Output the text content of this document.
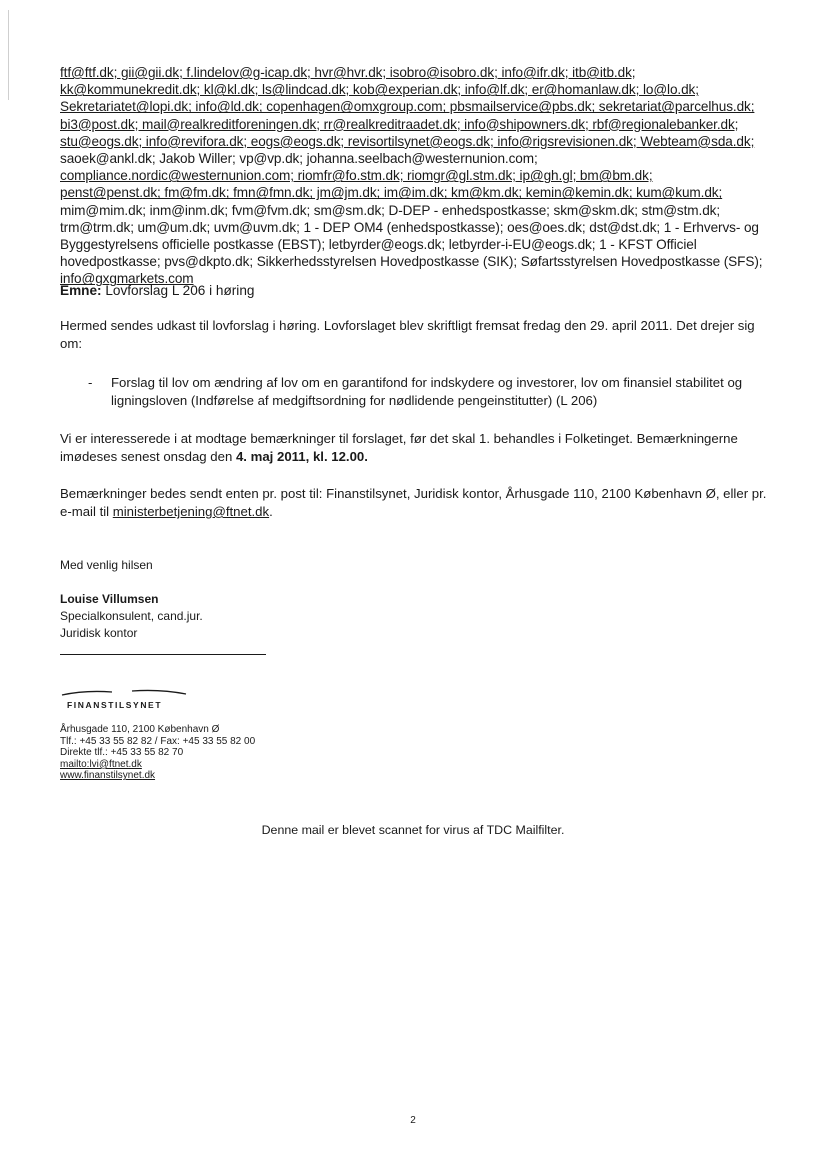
ftf@ftf.dk; gii@gii.dk; f.lindelov@g-icap.dk; hvr@hvr.dk; isobro@isobro.dk; info@ifr.dk; itb@itb.dk;
kk@kommunekredit.dk; kl@kl.dk; ls@lindcad.dk; kob@experian.dk; info@lf.dk; er@homanlaw.dk; lo@lo.dk;
Sekretariatet@lopi.dk; info@ld.dk; copenhagen@omxgroup.com; pbsmailservice@pbs.dk; sekretariat@parcelhus.dk;
bi3@post.dk; mail@realkreditforeningen.dk; rr@realkreditraadet.dk; info@shipowners.dk; rbf@regionalebanker.dk;
stu@eogs.dk; info@revifora.dk; eogs@eogs.dk; revisortilsynet@eogs.dk; info@rigsrevisionen.dk; Webteam@sda.dk;
saoek@ankl.dk; Jakob Willer; vp@vp.dk; johanna.seelbach@westernunion.com;
compliance.nordic@westernunion.com; riomfr@fo.stm.dk; riomgr@gl.stm.dk; ip@gh.gl; bm@bm.dk;
penst@penst.dk; fm@fm.dk; fmn@fmn.dk; jm@jm.dk; im@im.dk; km@km.dk; kemin@kemin.dk; kum@kum.dk;
mim@mim.dk; inm@inm.dk; fvm@fvm.dk; sm@sm.dk; D-DEP - enhedspostkasse; skm@skm.dk; stm@stm.dk;
trm@trm.dk; um@um.dk; uvm@uvm.dk; 1 - DEP OM4 (enhedspostkasse); oes@oes.dk; dst@dst.dk; 1 - Erhvervs- og
Byggestyrelsens officielle postkasse (EBST); letbyrder@eogs.dk; letbyrder-i-EU@eogs.dk; 1 - KFST Officiel
hovedpostkasse; pvs@dkpto.dk; Sikkerhedsstyrelsen Hovedpostkasse (SIK); Søfartsstyrelsen Hovedpostkasse (SFS);
info@gxgmarkets.com
Emne: Lovforslag L 206 i høring
Hermed sendes udkast til lovforslag i høring. Lovforslaget blev skriftligt fremsat fredag den 29. april 2011. Det drejer sig om:
- Forslag til lov om ændring af lov om en garantifond for indskydere og investorer, lov om finansiel stabilitet og ligningsloven (Indførelse af medgiftsordning for nødlidende pengeinstitutter) (L 206)
Vi er interesserede i at modtage bemærkninger til forslaget, før det skal 1. behandles i Folketinget. Bemærkningerne imødeses senest onsdag den 4. maj 2011, kl. 12.00.
Bemærkninger bedes sendt enten pr. post til: Finanstilsynet, Juridisk kontor, Århusgade 110, 2100 København Ø, eller pr. e-mail til ministerbetjening@ftnet.dk.
Med venlig hilsen
Louise Villumsen
Specialkonsulent, cand.jur.
Juridisk kontor
FINANSTILSYNET
Århusgade 110, 2100 København Ø
Tlf.: +45 33 55 82 82 / Fax: +45 33 55 82 00
Direkte tlf.: +45 33 55 82 70
mailto:lvi@ftnet.dk
www.finanstilsynet.dk
Denne mail er blevet scannet for virus af TDC Mailfilter.
2
